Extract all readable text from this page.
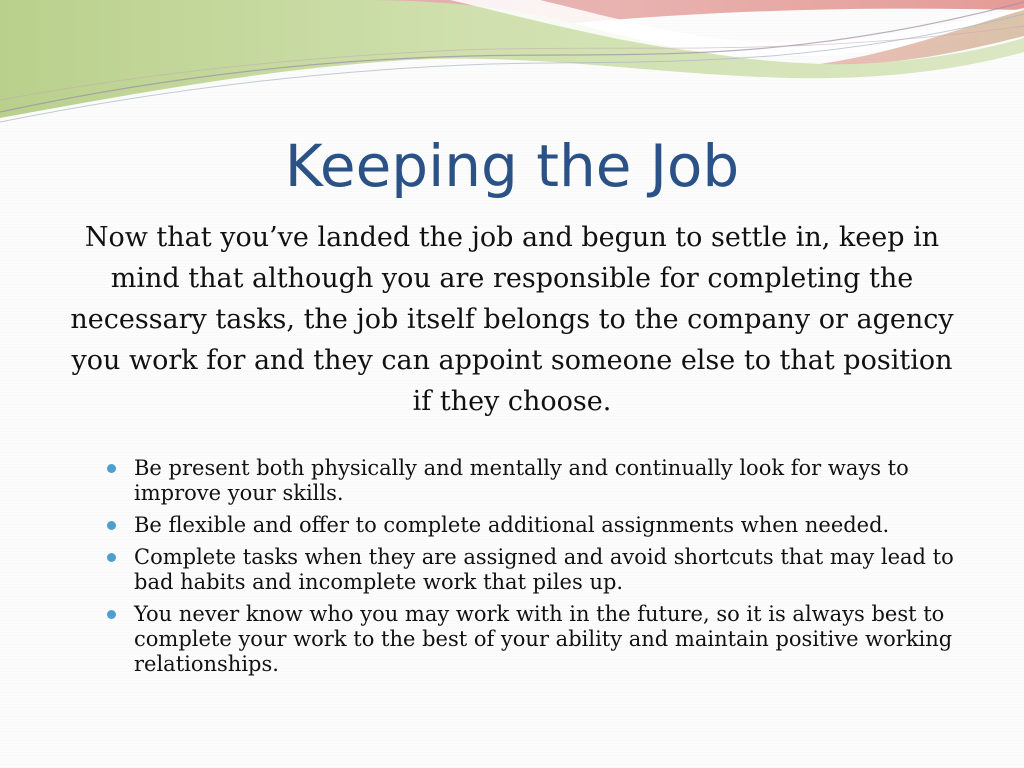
Keeping the Job

Now that you’ve landed the job and begun to settle in, keep in mind that although you are responsible for completing the necessary tasks, the job itself belongs to the company or agency you work for and they can appoint someone else to that position if they choose.

Be present both physically and mentally and continually look for ways to improve your skills.
Be flexible and offer to complete additional assignments when needed.
Complete tasks when they are assigned and avoid shortcuts that may lead to bad habits and incomplete work that piles up.
You never know who you may work with in the future, so it is always best to complete your work to the best of your ability and maintain positive working relationships.
